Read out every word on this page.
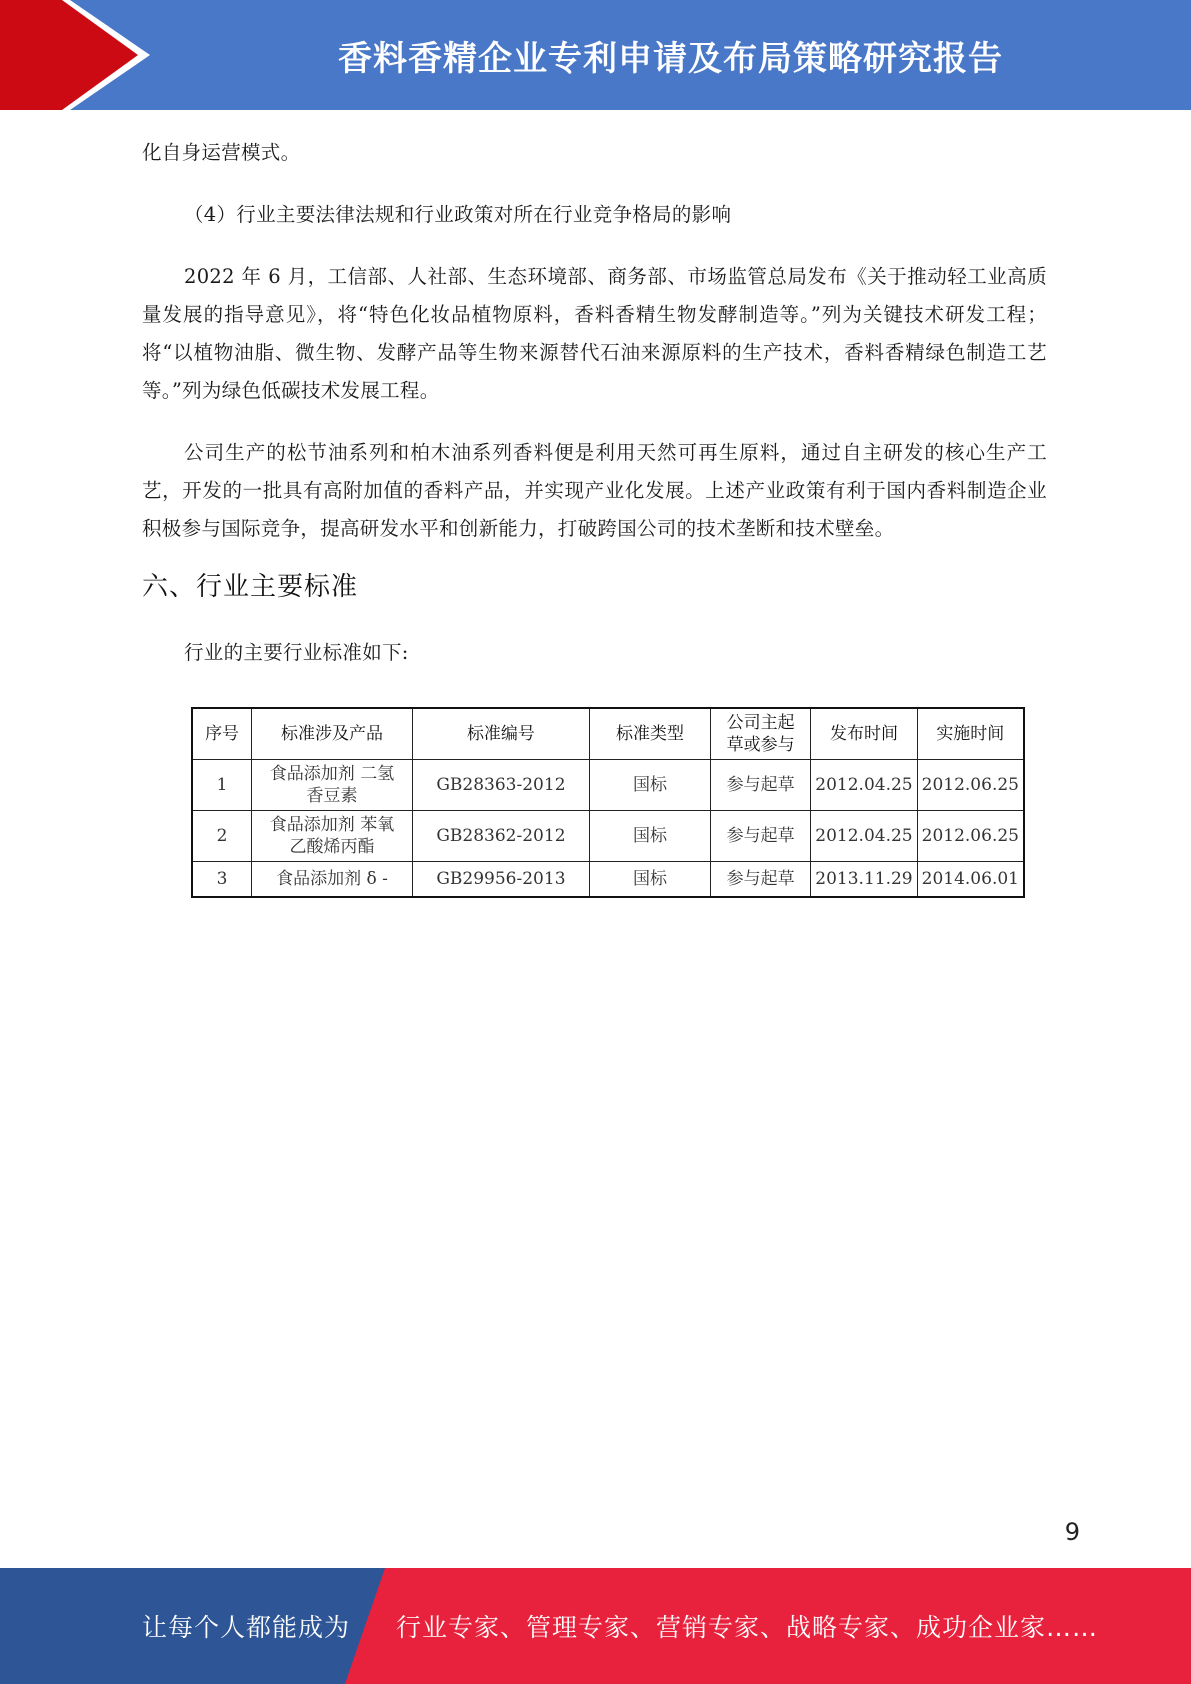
香料香精企业专利申请及布局策略研究报告

化自身运营模式。

（4）行业主要法律法规和行业政策对所在行业竞争格局的影响

2022 年 6 月，工信部、人社部、生态环境部、商务部、市场监管总局发布《关于推动轻工业高质量发展的指导意见》，将“特色化妆品植物原料，香料香精生物发酵制造等。”列为关键技术研发工程；将“以植物油脂、微生物、发酵产品等生物来源替代石油来源原料的生产技术，香料香精绿色制造工艺等。”列为绿色低碳技术发展工程。

公司生产的松节油系列和柏木油系列香料便是利用天然可再生原料，通过自主研发的核心生产工艺，开发的一批具有高附加值的香料产品，并实现产业化发展。上述产业政策有利于国内香料制造企业积极参与国际竞争，提高研发水平和创新能力，打破跨国公司的技术垄断和技术壁垒。

六、行业主要标准

行业的主要行业标准如下:

序号	标准涉及产品	标准编号	标准类型	公司主起草或参与	发布时间	实施时间
1	食品添加剂 二氢香豆素	GB28363-2012	国标	参与起草	2012.04.25	2012.06.25
2	食品添加剂 苯氧乙酸烯丙酯	GB28362-2012	国标	参与起草	2012.04.25	2012.06.25
3	食品添加剂 δ -	GB29956-2013	国标	参与起草	2013.11.29	2014.06.01
9
让每个人都能成为 行业专家、管理专家、营销专家、战略专家、成功企业家……
